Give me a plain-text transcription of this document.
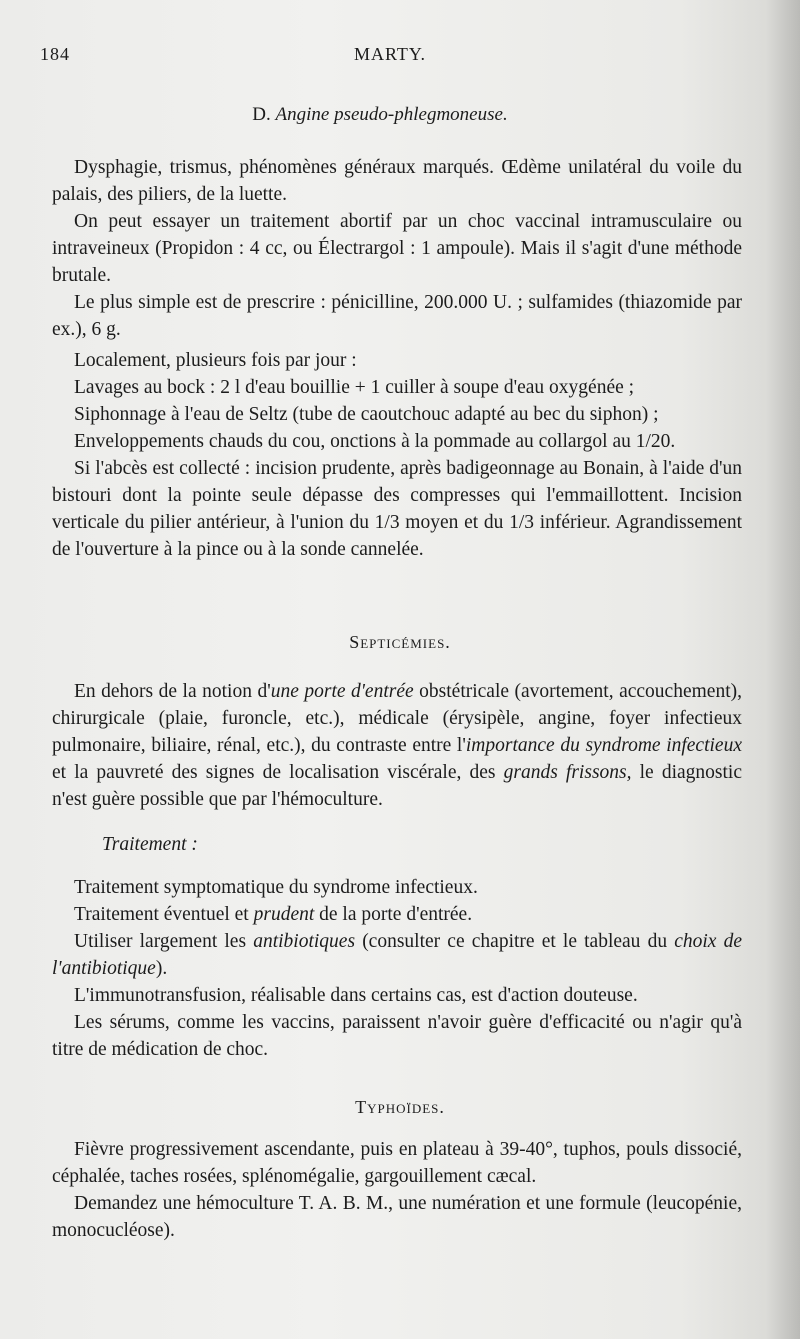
184	MARTY.
D. Angine pseudo-phlegmoneuse.

Dysphagie, trismus, phénomènes généraux marqués. Œdème unilatéral du voile du palais, des piliers, de la luette.

On peut essayer un traitement abortif par un choc vaccinal intramusculaire ou intraveineux (Propidon : 4 cc, ou Électrargol : 1 ampoule). Mais il s'agit d'une méthode brutale.

Le plus simple est de prescrire : pénicilline, 200.000 U. ; sulfamides (thiazomide par ex.), 6 g.

Localement, plusieurs fois par jour :

Lavages au bock : 2 l d'eau bouillie + 1 cuiller à soupe d'eau oxygénée ;

Siphonnage à l'eau de Seltz (tube de caoutchouc adapté au bec du siphon) ;

Enveloppements chauds du cou, onctions à la pommade au collargol au 1/20.

Si l'abcès est collecté : incision prudente, après badigeonnage au Bonain, à l'aide d'un bistouri dont la pointe seule dépasse des compresses qui l'emmaillottent. Incision verticale du pilier antérieur, à l'union du 1/3 moyen et du 1/3 inférieur. Agrandissement de l'ouverture à la pince ou à la sonde cannelée.

Septicémies.

En dehors de la notion d'une porte d'entrée obstétricale (avortement, accouchement), chirurgicale (plaie, furoncle, etc.), médicale (érysipèle, angine, foyer infectieux pulmonaire, biliaire, rénal, etc.), du contraste entre l'importance du syndrome infectieux et la pauvreté des signes de localisation viscérale, des grands frissons, le diagnostic n'est guère possible que par l'hémoculture.

Traitement :

Traitement symptomatique du syndrome infectieux.

Traitement éventuel et prudent de la porte d'entrée.

Utiliser largement les antibiotiques (consulter ce chapitre et le tableau du choix de l'antibiotique).

L'immunotransfusion, réalisable dans certains cas, est d'action douteuse.

Les sérums, comme les vaccins, paraissent n'avoir guère d'efficacité ou n'agir qu'à titre de médication de choc.

Typhoïdes.

Fièvre progressivement ascendante, puis en plateau à 39-40°, tuphos, pouls dissocié, céphalée, taches rosées, splénomégalie, gargouillement cæcal.

Demandez une hémoculture T. A. B. M., une numération et une formule (leucopénie, monocucléose).
